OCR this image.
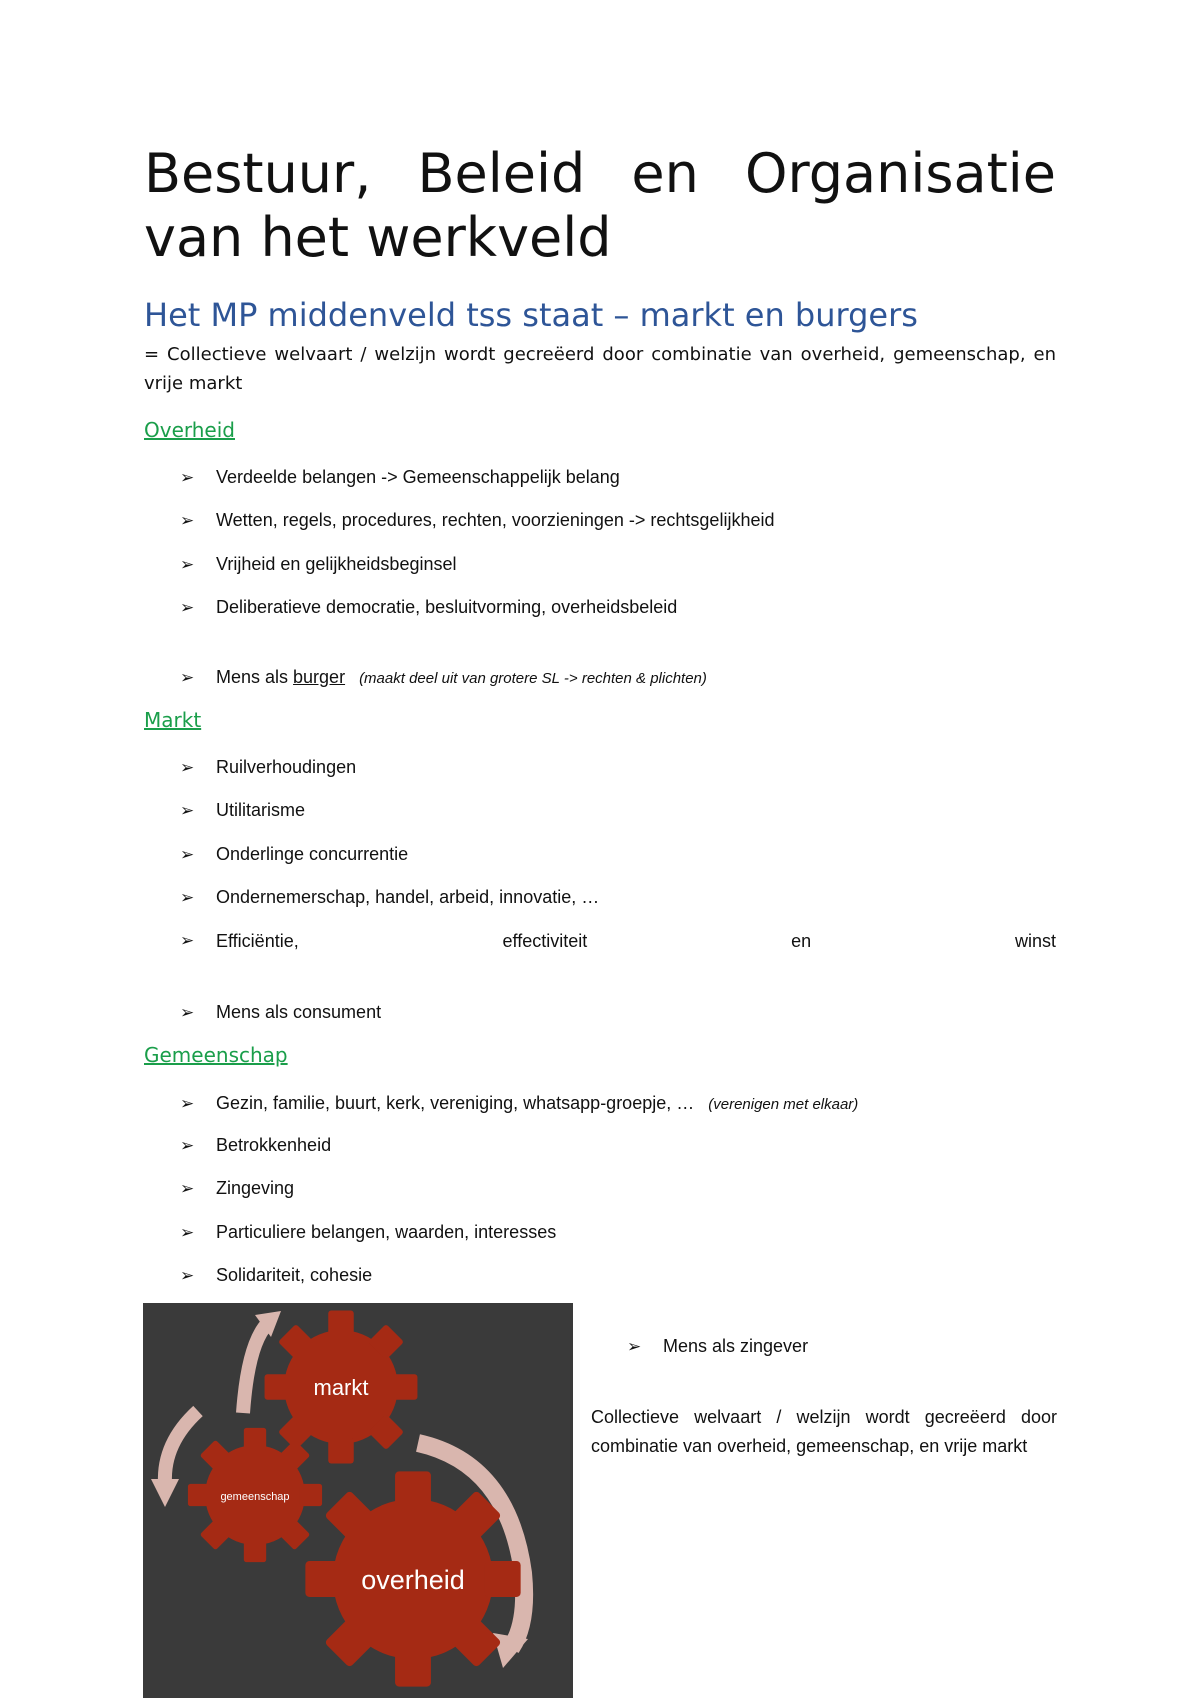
Bestuur, Beleid en Organisatie
van het werkveld
Het MP middenveld tss staat – markt en burgers

= Collectieve welvaart / welzijn wordt gecreëerd door combinatie van overheid, gemeenschap, en vrije markt

Overheid
➢ Verdeelde belangen -> Gemeenschappelijk belang
➢ Wetten, regels, procedures, rechten, voorzieningen -> rechtsgelijkheid
➢ Vrijheid en gelijkheidsbeginsel
➢ Deliberatieve democratie, besluitvorming, overheidsbeleid
➢ Mens als burger (maakt deel uit van grotere SL -> rechten & plichten)
Markt
➢ Ruilverhoudingen
➢ Utilitarisme
➢ Onderlinge concurrentie
➢ Ondernemerschap, handel, arbeid, innovatie, …
➢	Efficiëntie,	effectiviteit	en	winst
➢ Mens als consument
Gemeenschap
➢ Gezin, familie, buurt, kerk, vereniging, whatsapp-groepje, … (verenigen met elkaar)
➢ Betrokkenheid
➢ Zingeving
➢ Particuliere belangen, waarden, interesses
➢ Solidariteit, cohesie
markt
gemeenschap
overheid
➢ Mens als zingever

Collectieve welvaart / welzijn wordt gecreëerd door combinatie van overheid, gemeenschap, en vrije markt
